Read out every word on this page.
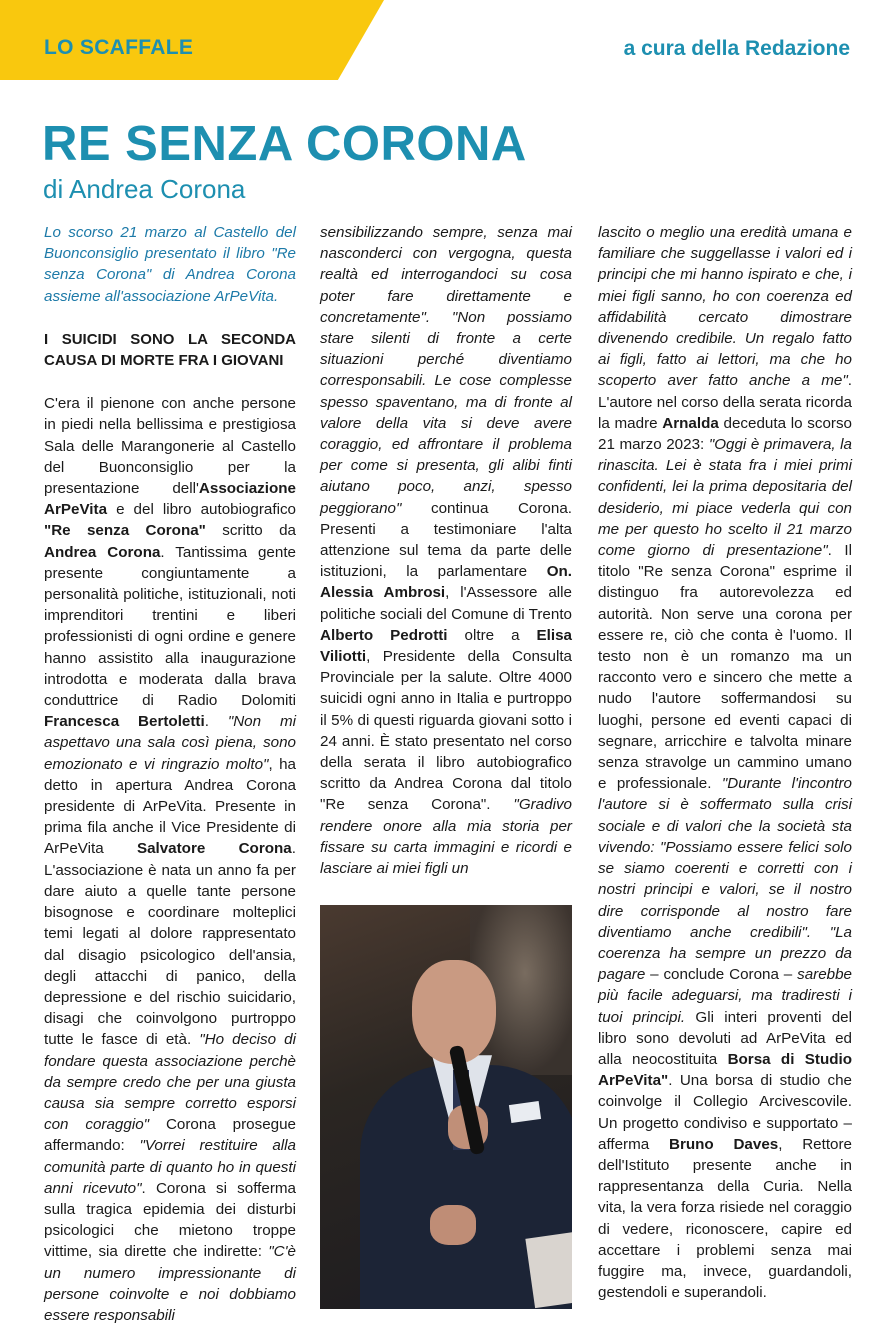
LO SCAFFALE	a cura della Redazione
RE SENZA CORONA
di Andrea Corona

Lo scorso 21 marzo al Castello del Buonconsiglio presentato il libro "Re senza Corona" di Andrea Corona assieme all'associazione ArPeVita.

I SUICIDI SONO LA SECONDA CAUSA DI MORTE FRA I GIOVANI

C'era il pienone con anche persone in piedi nella bellissima e prestigiosa Sala delle Marangonerie al Castello del Buonconsiglio per la presentazione dell'Associazione ArPeVita e del libro autobiografico "Re senza Corona" scritto da Andrea Corona. Tantissima gente presente congiuntamente a personalità politiche, istituzionali, noti imprenditori trentini e liberi professionisti di ogni ordine e genere hanno assistito alla inaugurazione introdotta e moderata dalla brava conduttrice di Radio Dolomiti Francesca Bertoletti. "Non mi aspettavo una sala così piena, sono emozionato e vi ringrazio molto", ha detto in apertura Andrea Corona presidente di ArPeVita. Presente in prima fila anche il Vice Presidente di ArPeVita Salvatore Corona. L'associazione è nata un anno fa per dare aiuto a quelle tante persone bisognose e coordinare molteplici temi legati al dolore rappresentato dal disagio psicologico dell'ansia, degli attacchi di panico, della depressione e del rischio suicidario, disagi che coinvolgono purtroppo tutte le fasce di età. "Ho deciso di fondare questa associazione perchè da sempre credo che per una giusta causa sia sempre corretto esporsi con coraggio" Corona prosegue affermando: "Vorrei restituire alla comunità parte di quanto ho in questi anni ricevuto". Corona si sofferma sulla tragica epidemia dei disturbi psicologici che mietono troppe vittime, sia dirette che indirette: "C'è un numero impressionante di persone coinvolte e noi dobbiamo essere responsabili

sensibilizzando sempre, senza mai nasconderci con vergogna, questa realtà ed interrogandoci su cosa poter fare direttamente e concretamente". "Non possiamo stare silenti di fronte a certe situazioni perché diventiamo corresponsabili. Le cose complesse spesso spaventano, ma di fronte al valore della vita si deve avere coraggio, ed affrontare il problema per come si presenta, gli alibi finti aiutano poco, anzi, spesso peggiorano" continua Corona. Presenti a testimoniare l'alta attenzione sul tema da parte delle istituzioni, la parlamentare On. Alessia Ambrosi, l'Assessore alle politiche sociali del Comune di Trento Alberto Pedrotti oltre a Elisa Viliotti, Presidente della Consulta Provinciale per la salute. Oltre 4000 suicidi ogni anno in Italia e purtroppo il 5% di questi riguarda giovani sotto i 24 anni. È stato presentato nel corso della serata il libro autobiografico scritto da Andrea Corona dal titolo "Re senza Corona". "Gradivo rendere onore alla mia storia per fissare su carta immagini e ricordi e lasciare ai miei figli un

lascito o meglio una eredità umana e familiare che suggellasse i valori ed i principi che mi hanno ispirato e che, i miei figli sanno, ho con coerenza ed affidabilità cercato dimostrare divenendo credibile. Un regalo fatto ai figli, fatto ai lettori, ma che ho scoperto aver fatto anche a me". L'autore nel corso della serata ricorda la madre Arnalda deceduta lo scorso 21 marzo 2023: "Oggi è primavera, la rinascita. Lei è stata fra i miei primi confidenti, lei la prima depositaria del desiderio, mi piace vederla qui con me per questo ho scelto il 21 marzo come giorno di presentazione". Il titolo "Re senza Corona" esprime il distinguo fra autorevolezza ed autorità. Non serve una corona per essere re, ciò che conta è l'uomo. Il testo non è un romanzo ma un racconto vero e sincero che mette a nudo l'autore soffermandosi su luoghi, persone ed eventi capaci di segnare, arricchire e talvolta minare senza stravolge un cammino umano e professionale. "Durante l'incontro l'autore si è soffermato sulla crisi sociale e di valori che la società sta vivendo: "Possiamo essere felici solo se siamo coerenti e corretti con i nostri principi e valori, se il nostro dire corrisponde al nostro fare diventiamo anche credibili". "La coerenza ha sempre un prezzo da pagare – conclude Corona – sarebbe più facile adeguarsi, ma tradiresti i tuoi principi. Gli interi proventi del libro sono devoluti ad ArPeVita ed alla neocostituita Borsa di Studio ArPeVita". Una borsa di studio che coinvolge il Collegio Arcivescovile. Un progetto condiviso e supportato – afferma Bruno Daves, Rettore dell'Istituto presente anche in rappresentanza della Curia. Nella vita, la vera forza risiede nel coraggio di vedere, riconoscere, capire ed accettare i problemi senza mai fuggire ma, invece, guardandoli, gestendoli e superandoli.
